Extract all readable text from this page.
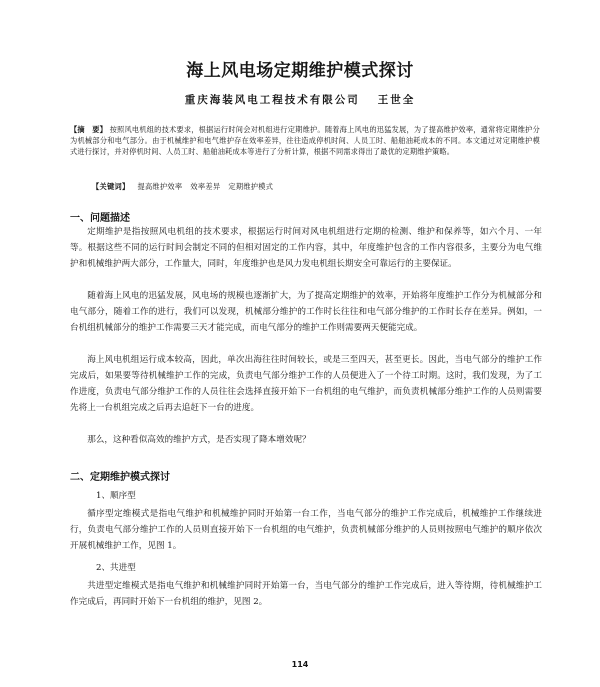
海上风电场定期维护模式探讨
重庆海装风电工程技术有限公司 王世全
【摘　要】 按照风电机组的技术要求，根据运行时间会对机组进行定期维护。随着海上风电的迅猛发展，为了提高维护效率，通常将定期维护分为机械部分和电气部分。由于机械维护和电气维护存在效率差异，往往造成停机时间、人员工时、船舶油耗成本的不同。本文通过对定期维护模式进行探讨，并对停机时间、人员工时、船舶油耗成本等进行了分析计算，根据不同需求得出了最优的定期维护策略。
【关键词】 提高维护效率 效率差异 定期维护模式
一、问题描述

定期维护是指按照风电机组的技术要求，根据运行时间对风电机组进行定期的检测、维护和保养等，如六个月、一年等。根据这些不同的运行时间会制定不同的但相对固定的工作内容，其中，年度维护包含的工作内容很多，主要分为电气维护和机械维护两大部分，工作量大，同时，年度维护也是风力发电机组长期安全可靠运行的主要保证。

随着海上风电的迅猛发展，风电场的规模也逐渐扩大，为了提高定期维护的效率，开始将年度维护工作分为机械部分和电气部分，随着工作的进行，我们可以发现，机械部分维护的工作时长往往和电气部分维护的工作时长存在差异。例如，一台机组机械部分的维护工作需要三天才能完成，而电气部分的维护工作则需要两天便能完成。

海上风电机组运行成本较高，因此，单次出海往往时间较长，或是三至四天，甚至更长。因此，当电气部分的维护工作完成后，如果要等待机械维护工作的完成，负责电气部分维护工作的人员便进入了一个待工时期。这时，我们发现，为了工作进度，负责电气部分维护工作的人员往往会选择直接开始下一台机组的电气维护，而负责机械部分维护工作的人员则需要先将上一台机组完成之后再去追赶下一台的进度。

那么，这种看似高效的维护方式，是否实现了降本增效呢？

二、定期维护模式探讨
1、顺序型

循序型定维模式是指电气维护和机械维护同时开始第一台工作，当电气部分的维护工作完成后，机械维护工作继续进行，负责电气部分维护工作的人员则直接开始下一台机组的电气维护，负责机械部分维护的人员则按照电气维护的顺序依次开展机械维护工作，见图 1。

2、共进型

共进型定维模式是指电气维护和机械维护同时开始第一台，当电气部分的维护工作完成后，进入等待期，待机械维护工作完成后，再同时开始下一台机组的维护，见图 2。

114
